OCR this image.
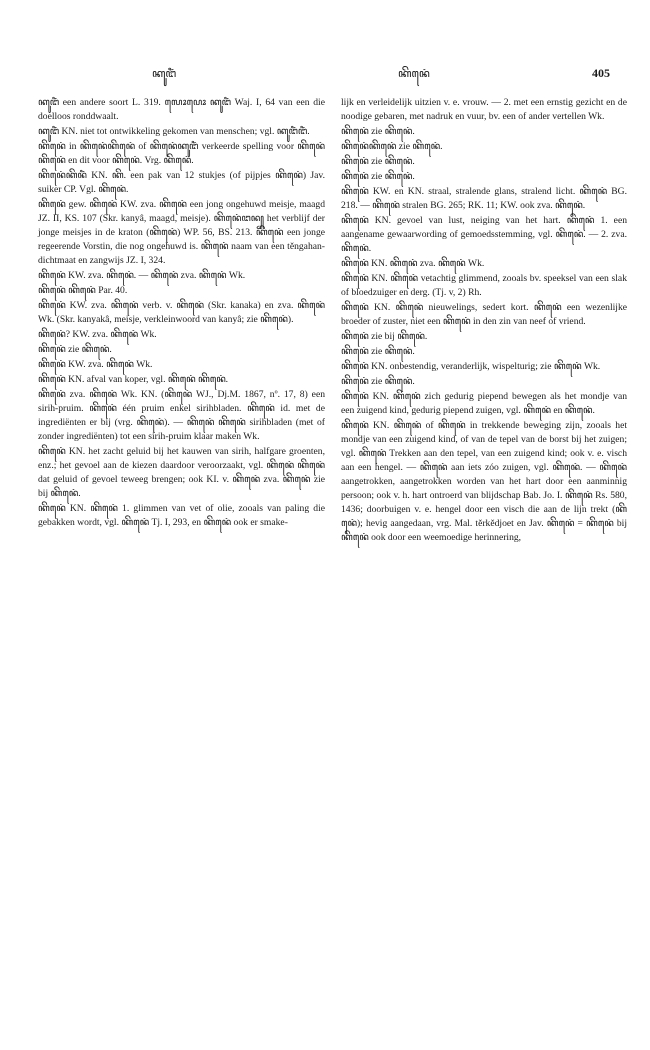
ꦏꦸꦔꦶꦁ	ꦏꦼꦤꦺꦁ	405

ꦏꦸꦔꦶꦁ een andere soort L. 319. ꦭꦺꦴꦥꦺꦴ ꦏꦸꦔꦶꦁ Waj. I, 64 van een die doelloos ronddwaalt.

ꦏꦸꦔꦶꦁ KN. niet tot ontwikkeling gekomen van menschen; vgl. ꦏꦸꦔꦶꦁꦔꦶꦁ.

ꦏꦼꦤꦺꦁ in ꦏꦼꦤꦺꦁꦏꦼꦤꦺꦁ of ꦏꦼꦤꦺꦁꦏꦸꦔꦶꦁ verkeerde spelling voor ꦏꦼꦤꦺꦁꦏꦼꦤꦺꦁ en dit voor ꦏꦼꦤꦺꦁ. Vrg. ꦏꦼꦤꦺꦁ.

ꦏꦼꦤꦺꦁꦏꦼꦤꦶꦁ KN. ꦏꦼ. een pak van 12 stukjes (of pijpjes ꦏꦼꦤꦺꦁ) Jav. suiker CP. Vgl. ꦏꦼꦤꦺꦁ.

ꦏꦼꦤꦺꦁ gew. ꦏꦼꦤꦺꦁ KW. zva. ꦏꦼꦤꦺꦁ een jong ongehuwd meisje, maagd JZ. II, KS. 107 (Skr. kanyâ, maagd, meisje). ꦏꦼꦤꦺꦁꦔꦤ꧀ het verblijf der jonge meisjes in de kraton (ꦏꦼꦤꦺꦁ) WP. 56, BS. 213. ꦏꦼꦤꦺꦁ een jonge regeerende Vorstin, die nog ongehuwd is. ꦏꦼꦤꦺꦁ naam van een těngahan-dichtmaat en zangwijs JZ. I, 324.

ꦏꦼꦤꦺꦁ KW. zva. ꦏꦼꦤꦺꦁ. — ꦏꦼꦤꦺꦁ zva. ꦏꦼꦤꦺꦁ Wk.

ꦏꦼꦤꦺꦁ ꦏꦼꦤꦺꦁ Par. 40.

ꦏꦼꦤꦺꦁ KW. zva. ꦏꦼꦤꦺꦁ verb. v. ꦏꦼꦤꦺꦁ (Skr. kanaka) en zva. ꦏꦼꦤꦺꦁ Wk. (Skr. kanyakâ, meisje, verkleinwoord van kanyâ; zie ꦏꦼꦤꦺꦁ).

ꦏꦼꦤꦺꦁ? KW. zva. ꦏꦼꦤꦺꦁ Wk.

ꦏꦼꦤꦺꦁ zie ꦏꦼꦤꦺꦁ.

ꦏꦼꦤꦺꦁ KW. zva. ꦏꦼꦤꦺꦁ Wk.

ꦏꦼꦤꦺꦁ KN. afval van koper, vgl. ꦏꦼꦤꦺꦁ ꦏꦼꦤꦺꦁ.

ꦏꦼꦤꦺꦁ zva. ꦏꦼꦤꦺꦁ Wk. KN. (ꦏꦼꦤꦺꦁ WJ., Dj.M. 1867, nº. 17, 8) een sirih-pruim. ꦏꦼꦤꦺꦁ één pruim enkel sirihbladen. ꦏꦼꦤꦺꦁ id. met de ingrediënten er bij (vrg. ꦏꦼꦤꦺꦁ). — ꦏꦼꦤꦺꦁ ꦏꦼꦤꦺꦁ sirihbladen (met of zonder ingrediënten) tot een sirih-pruim klaar maken Wk.

ꦏꦼꦤꦺꦁ KN. het zacht geluid bij het kauwen van sirih, halfgare groenten, enz.; het gevoel aan de kiezen daardoor veroorzaakt, vgl. ꦏꦼꦤꦺꦁ ꦏꦼꦤꦺꦁ dat geluid of gevoel teweeg brengen; ook KI. v. ꦏꦼꦤꦺꦁ zva. ꦏꦼꦤꦺꦁ zie bij ꦏꦼꦤꦺꦁ.

ꦏꦼꦤꦺꦁ KN. ꦏꦼꦤꦺꦁ 1. glimmen van vet of olie, zooals van paling die gebakken wordt, vgl. ꦏꦼꦤꦺꦁ Tj. I, 293, en ꦏꦼꦤꦺꦁ ook er smake-

lijk en verleidelijk uitzien v. e. vrouw. — 2. met een ernstig gezicht en de noodige gebaren, met nadruk en vuur, bv. een of ander vertellen Wk.

ꦏꦼꦤꦺꦁ zie ꦏꦼꦤꦺꦁ.

ꦏꦼꦤꦺꦁꦏꦼꦤꦺꦁ zie ꦏꦼꦤꦺꦁ.

ꦏꦼꦤꦺꦁ zie ꦏꦼꦤꦺꦁ.

ꦏꦼꦤꦺꦁ zie ꦏꦼꦤꦺꦁ.

ꦏꦼꦤꦺꦁ KW. en KN. straal, stralende glans, stralend licht. ꦏꦼꦤꦺꦁ BG. 218. — ꦏꦼꦤꦺꦁ stralen BG. 265; RK. 11; KW. ook zva. ꦏꦼꦤꦺꦁ.

ꦏꦼꦤꦺꦁ KN. gevoel van lust, neiging van het hart. ꦏꦼꦤꦺꦁ 1. een aangename gewaarwording of gemoedsstemming, vgl. ꦏꦼꦤꦺꦁ. — 2. zva. ꦏꦼꦤꦺꦁ.

ꦏꦼꦤꦺꦁ KN. ꦏꦼꦤꦺꦁ zva. ꦏꦼꦤꦺꦁ Wk.

ꦏꦼꦤꦺꦁ KN. ꦏꦼꦤꦺꦁ vetachtig glimmend, zooals bv. speeksel van een slak of bloedzuiger en derg. (Tj. v, 2) Rh.

ꦏꦼꦤꦺꦁ KN. ꦏꦼꦤꦺꦁ nieuwelings, sedert kort. ꦏꦼꦤꦺꦁ een wezenlijke broeder of zuster, niet een ꦏꦼꦤꦺꦁ in den zin van neef of vriend.

ꦏꦼꦤꦺꦁ zie bij ꦏꦼꦤꦺꦁ.

ꦏꦼꦤꦺꦁ zie ꦏꦼꦤꦺꦁ.

ꦏꦼꦤꦺꦁ KN. onbestendig, veranderlijk, wispelturig; zie ꦏꦼꦤꦺꦁ Wk.

ꦏꦼꦤꦺꦁ zie ꦏꦼꦤꦺꦁ.

ꦏꦼꦤꦺꦁ KN. ꦏꦼꦤꦺꦁ zich gedurig piepend bewegen als het mondje van een zuigend kind, gedurig piepend zuigen, vgl. ꦏꦼꦤꦺꦁ en ꦏꦼꦤꦺꦁ.

ꦏꦼꦤꦺꦁ KN. ꦏꦼꦤꦺꦁ of ꦏꦼꦤꦺꦁ in trekkende beweging zijn, zooals het mondje van een zuigend kind, of van de tepel van de borst bij het zuigen; vgl. ꦏꦼꦤꦺꦁ Trekken aan den tepel, van een zuigend kind; ook v. e. visch aan een hengel. — ꦏꦼꦤꦺꦁ aan iets zóo zuigen, vgl. ꦏꦼꦤꦺꦁ. — ꦏꦼꦤꦺꦁ aangetrokken, aangetrokken worden van het hart door een aanminnig persoon; ook v. h. hart ontroerd van blijdschap Bab. Jo. I. ꦏꦼꦤꦺꦁ Rs. 580, 1436; doorbuigen v. e. hengel door een visch die aan de lijn trekt (ꦏꦼꦤꦺꦁ); hevig aangedaan, vrg. Mal. těrkědjoet en Jav. ꦏꦼꦤꦺꦁ = ꦏꦼꦤꦺꦁ bij ꦏꦼꦤꦺꦁ ook door een weemoedige herinnering,
